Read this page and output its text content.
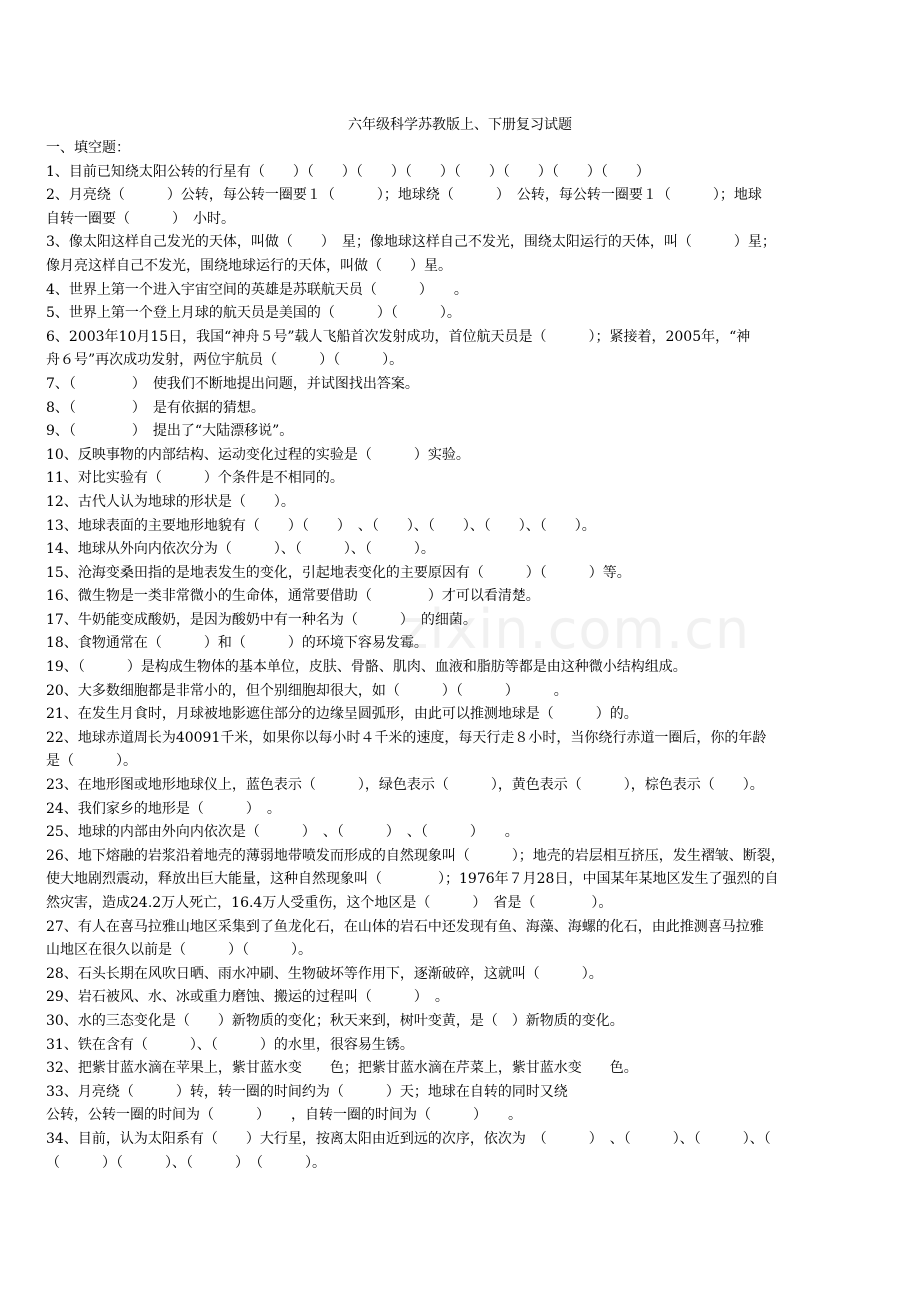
六年级科学苏教版上、下册复习试题
一、填空题：
1、目前已知绕太阳公转的行星有（　　）（　　）（　　）（　　）（　　）（　　）（　　）（　　）
2、月亮绕（　　　）公转，每公转一圈要１（　　　）；地球绕（　　　）　公转，每公转一圈要１（　　　）；地球
自转一圈要（　　　）　小时。
3、像太阳这样自己发光的天体，叫做（　　）　星；像地球这样自己不发光，围绕太阳运行的天体，叫（　　　）星；
像月亮这样自己不发光，围绕地球运行的天体，叫做（　　）星。
4、世界上第一个进入宇宙空间的英雄是苏联航天员（　　　）　　。
5、世界上第一个登上月球的航天员是美国的（　　　）（　　　）。
6、2003年10月15日，我国“神舟５号”载人飞船首次发射成功，首位航天员是（　　　）；紧接着，2005年，“神
舟６号”再次成功发射，两位宇航员（　　　）（　　　）。
7、（　　　　）　使我们不断地提出问题，并试图找出答案。
8、（　　　　）　是有依据的猜想。
9、（　　　　）　提出了“大陆漂移说”。
10、反映事物的内部结构、运动变化过程的实验是（　　　）实验。
11、对比实验有（　　　）个条件是不相同的。
12、古代人认为地球的形状是（　　）。
13、地球表面的主要地形地貌有（　　）（　　）　、（　　）、（　　）、（　　）、（　　）。
14、地球从外向内依次分为（　　　）、（　　　）、（　　　）。
15、沧海变桑田指的是地表发生的变化，引起地表变化的主要原因有（　　　）（　　　）等。
16、微生物是一类非常微小的生命体，通常要借助（　　　　）才可以看清楚。
17、牛奶能变成酸奶，是因为酸奶中有一种名为（　　　）　的细菌。
18、食物通常在（　　　）和（　　　）的环境下容易发霉。
19、（　　　）是构成生物体的基本单位，皮肤、骨骼、肌肉、血液和脂肪等都是由这种微小结构组成。
20、大多数细胞都是非常小的，但个别细胞却很大，如（　　　）（　　　）　　　。
21、在发生月食时，月球被地影遮住部分的边缘呈圆弧形，由此可以推测地球是（　　　）的。
22、地球赤道周长为40091千米，如果你以每小时４千米的速度，每天行走８小时，当你绕行赤道一圈后，你的年龄
是（　　　）。
23、在地形图或地形地球仪上，蓝色表示（　　　），绿色表示（　　　），黄色表示（　　　），棕色表示（　　）。
24、我们家乡的地形是（　　　）　。
25、地球的内部由外向内依次是（　　　）　、（　　　）　、（　　　）　　。
26、地下熔融的岩浆沿着地壳的薄弱地带喷发而形成的自然现象叫（　　　）；地壳的岩层相互挤压，发生褶皱、断裂，
使大地剧烈震动，释放出巨大能量，这种自然现象叫（　　　　）；1976年７月28日，中国某年某地区发生了强烈的自
然灾害，造成24.2万人死亡，16.4万人受重伤，这个地区是（　　　）　省是（　　　　）。
27、有人在喜马拉雅山地区采集到了鱼龙化石，在山体的岩石中还发现有鱼、海藻、海螺的化石，由此推测喜马拉雅
山地区在很久以前是（　　　）（　　　）。
28、石头长期在风吹日晒、雨水冲刷、生物破坏等作用下，逐渐破碎，这就叫（　　　）。
29、岩石被风、水、冰或重力磨蚀、搬运的过程叫（　　　）　。
30、水的三态变化是（　　）新物质的变化；秋天来到，树叶变黄，是（　）新物质的变化。
31、铁在含有（　　　）、（　　　）的水里，很容易生锈。
32、把紫甘蓝水滴在苹果上，紫甘蓝水变　　色；把紫甘蓝水滴在芹菜上，紫甘蓝水变　　色。
33、月亮绕（　　　）转，转一圈的时间约为（　　　）天；地球在自转的同时又绕
公转，公转一圈的时间为（　　　）　　，自转一圈的时间为（　　　）　　。
34、目前，认为太阳系有（　　）大行星，按离太阳由近到远的次序，依次为　（　　　）　、（　　　）、（　　　）、（
（　　　）（　　　）、（　　　）　（　　　）。
zixin.com.cn
